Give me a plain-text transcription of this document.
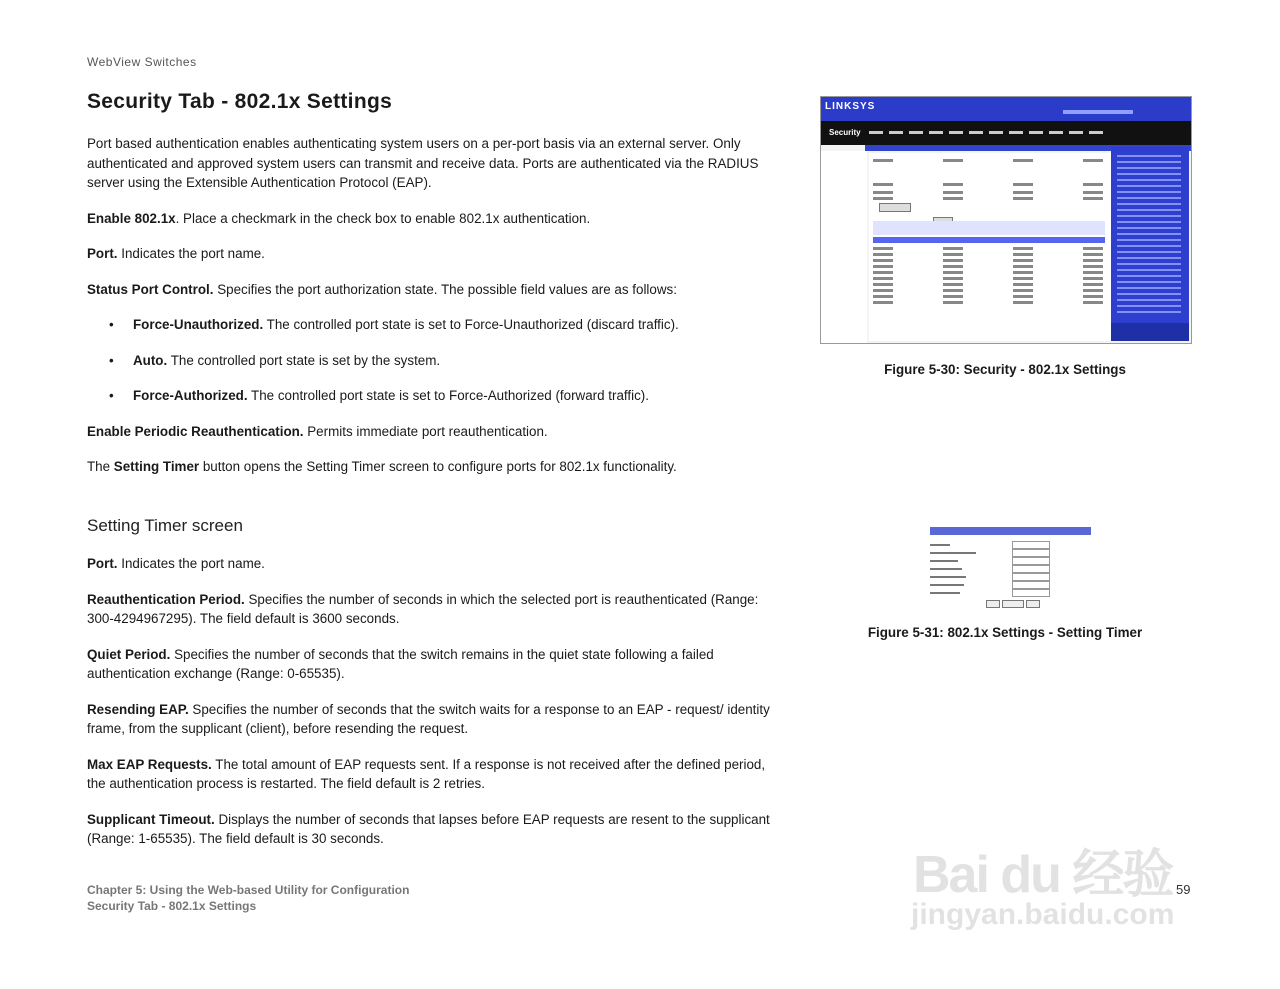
WebView Switches
Security Tab - 802.1x Settings

Port based authentication enables authenticating system users on a per-port basis via an external server. Only authenticated and approved system users can transmit and receive data. Ports are authenticated via the RADIUS server using the Extensible Authentication Protocol (EAP).

Enable 802.1x. Place a checkmark in the check box to enable 802.1x authentication.

Port. Indicates the port name.

Status Port Control. Specifies the port authorization state. The possible field values are as follows:

• Force-Unauthorized. The controlled port state is set to Force-Unauthorized (discard traffic).

• Auto. The controlled port state is set by the system.

• Force-Authorized. The controlled port state is set to Force-Authorized (forward traffic).

Enable Periodic Reauthentication. Permits immediate port reauthentication.

The Setting Timer button opens the Setting Timer screen to configure ports for 802.1x functionality.

Setting Timer screen

Port. Indicates the port name.

Reauthentication Period. Specifies the number of seconds in which the selected port is reauthenticated (Range: 300-4294967295). The field default is 3600 seconds.

Quiet Period. Specifies the number of seconds that the switch remains in the quiet state following a failed authentication exchange (Range: 0-65535).

Resending EAP. Specifies the number of seconds that the switch waits for a response to an EAP - request/ identity frame, from the supplicant (client), before resending the request.

Max EAP Requests. The total amount of EAP requests sent. If a response is not received after the defined period, the authentication process is restarted. The field default is 2 retries.

Supplicant Timeout. Displays the number of seconds that lapses before EAP requests are resent to the supplicant (Range: 1-65535). The field default is 30 seconds.

LINKSYS
Security
Figure 5-30: Security - 802.1x Settings
Figure 5-31: 802.1x Settings - Setting Timer
Chapter 5: Using the Web-based Utility for Configuration
Security Tab - 802.1x Settings
59
Bai du 经验
jingyan.baidu.com
